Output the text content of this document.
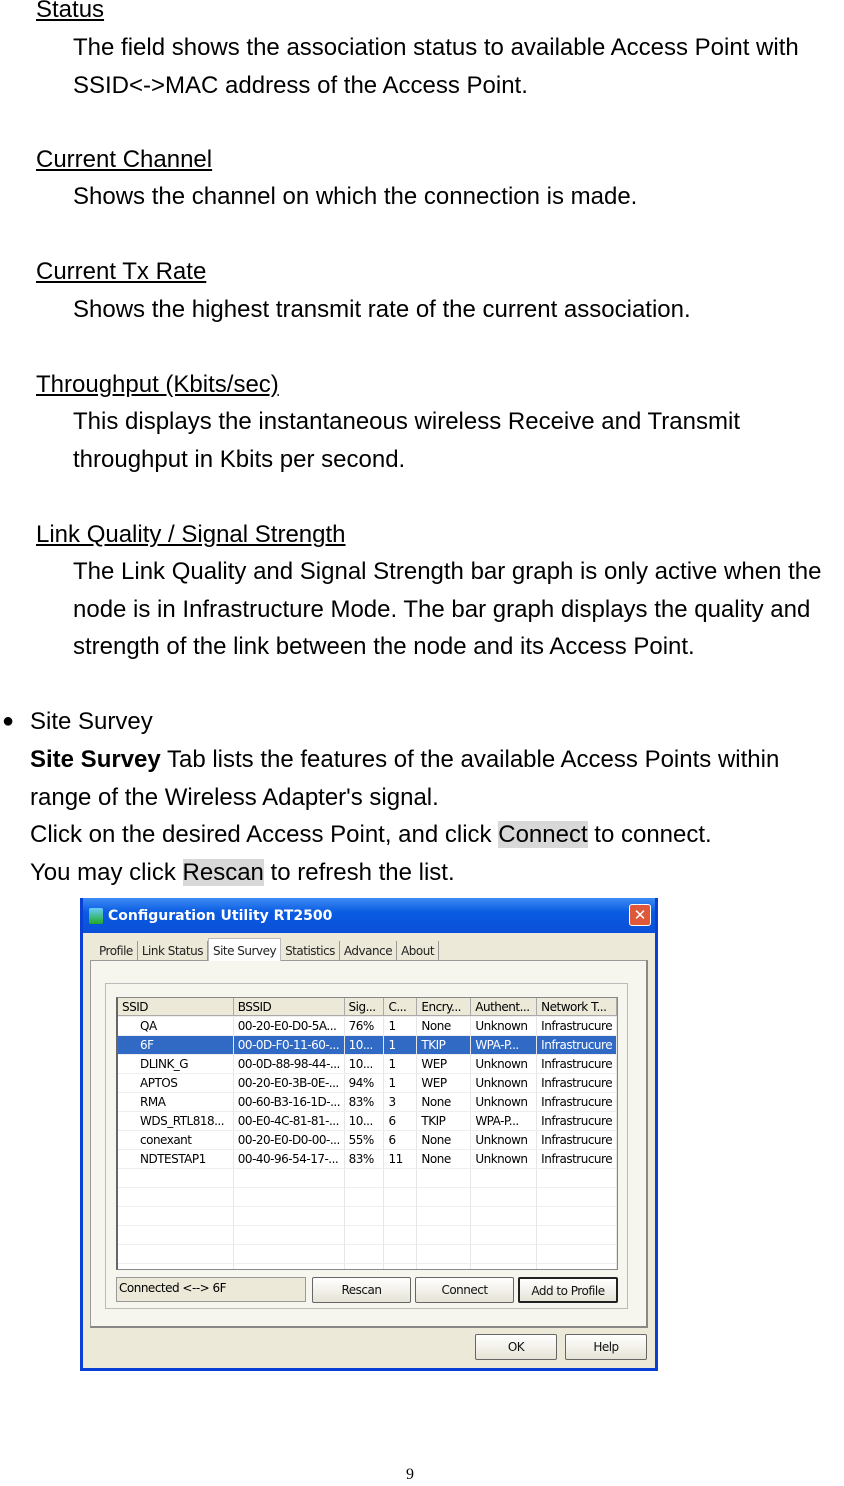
Status
The field shows the association status to available Access Point with
SSID<->MAC address of the Access Point.
Current Channel
Shows the channel on which the connection is made.
Current Tx Rate
Shows the highest transmit rate of the current association.
Throughput (Kbits/sec)
This displays the instantaneous wireless Receive and Transmit
throughput in Kbits per second.
Link Quality / Signal Strength
The Link Quality and Signal Strength bar graph is only active when the
node is in Infrastructure Mode. The bar graph displays the quality and
strength of the link between the node and its Access Point.
● Site Survey
Site Survey Tab lists the features of the available Access Points within
range of the Wireless Adapter's signal.
Click on the desired Access Point, and click Connect to connect.
You may click Rescan to refresh the list.
Configuration Utility RT2500	✕
Profile Link Status Site Survey Statistics Advance About
SSID	BSSID	Sig...	C...	Encry...	Authent... Network T...
QA	00-20-E0-D0-5A...	76%	1	None	Unknown	Infrastrucure
6F	00-0D-F0-11-60-... 10...	1	TKIP	WPA-P...	Infrastrucure
DLINK_G	00-0D-88-98-44-... 10...	1	WEP	Unknown	Infrastrucure
APTOS	00-20-E0-3B-0E-... 94%	1	WEP	Unknown	Infrastrucure
RMA	00-60-B3-16-1D-... 83%	3	None	Unknown	Infrastrucure
WDS_RTL818...	00-E0-4C-81-81-... 10...	6	TKIP	WPA-P...	Infrastrucure
conexant	00-20-E0-D0-00-... 55%	6	None	Unknown	Infrastrucure
NDTESTAP1	00-40-96-54-17-... 83%	11	None	Unknown	Infrastrucure
Connected <--> 6F	Rescan	Connect	Add to Profile
OK	Help
9
